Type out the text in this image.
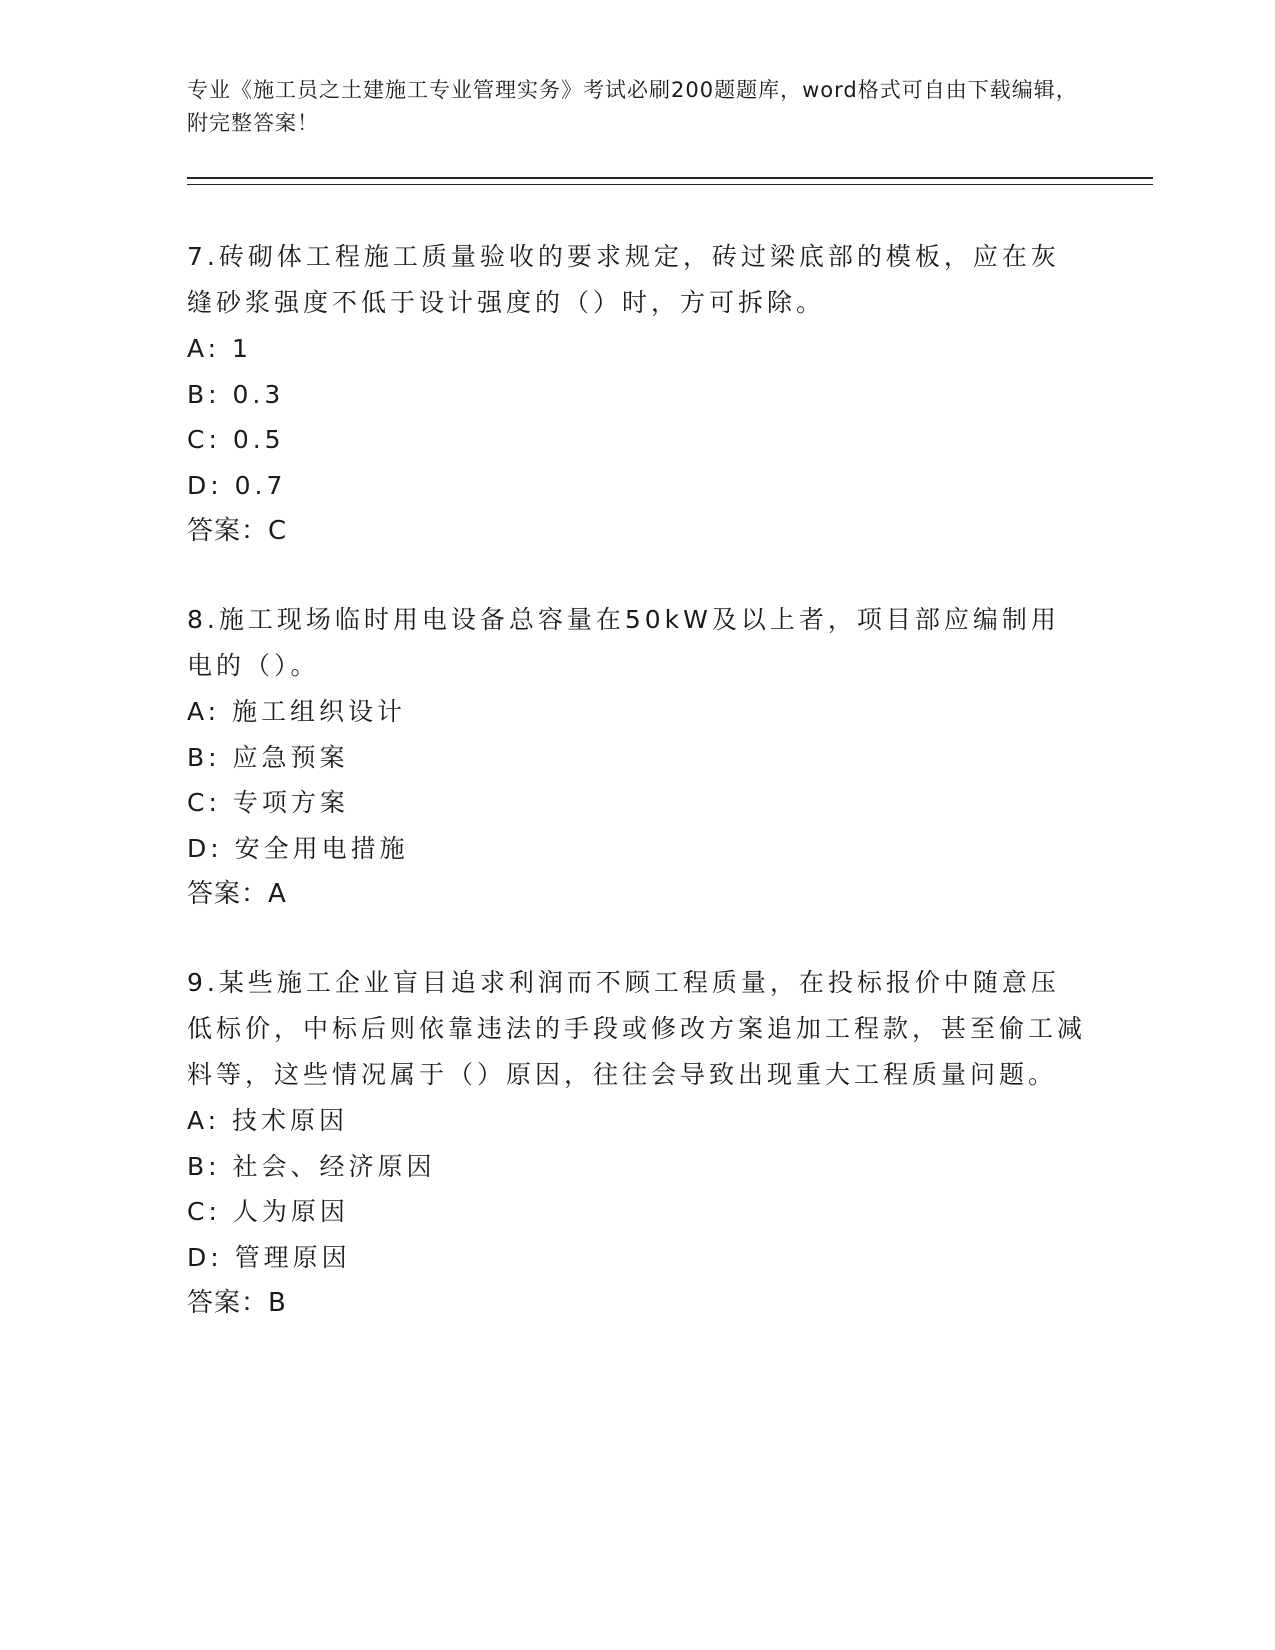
专业《施工员之土建施工专业管理实务》考试必刷200题题库，word格式可自由下载编辑，附完整答案！

7.砖砌体工程施工质量验收的要求规定，砖过梁底部的模板，应在灰缝砂浆强度不低于设计强度的（）时，方可拆除。

A: 1
B: 0.3
C: 0.5
D: 0.7

答案：C

8.施工现场临时用电设备总容量在50kW及以上者，项目部应编制用电的（）。

A: 施工组织设计
B: 应急预案
C: 专项方案
D: 安全用电措施

答案：A

9.某些施工企业盲目追求利润而不顾工程质量，在投标报价中随意压低标价，中标后则依靠违法的手段或修改方案追加工程款，甚至偷工减料等，这些情况属于（）原因，往往会导致出现重大工程质量问题。

A: 技术原因
B: 社会、经济原因
C: 人为原因
D: 管理原因

答案：B
